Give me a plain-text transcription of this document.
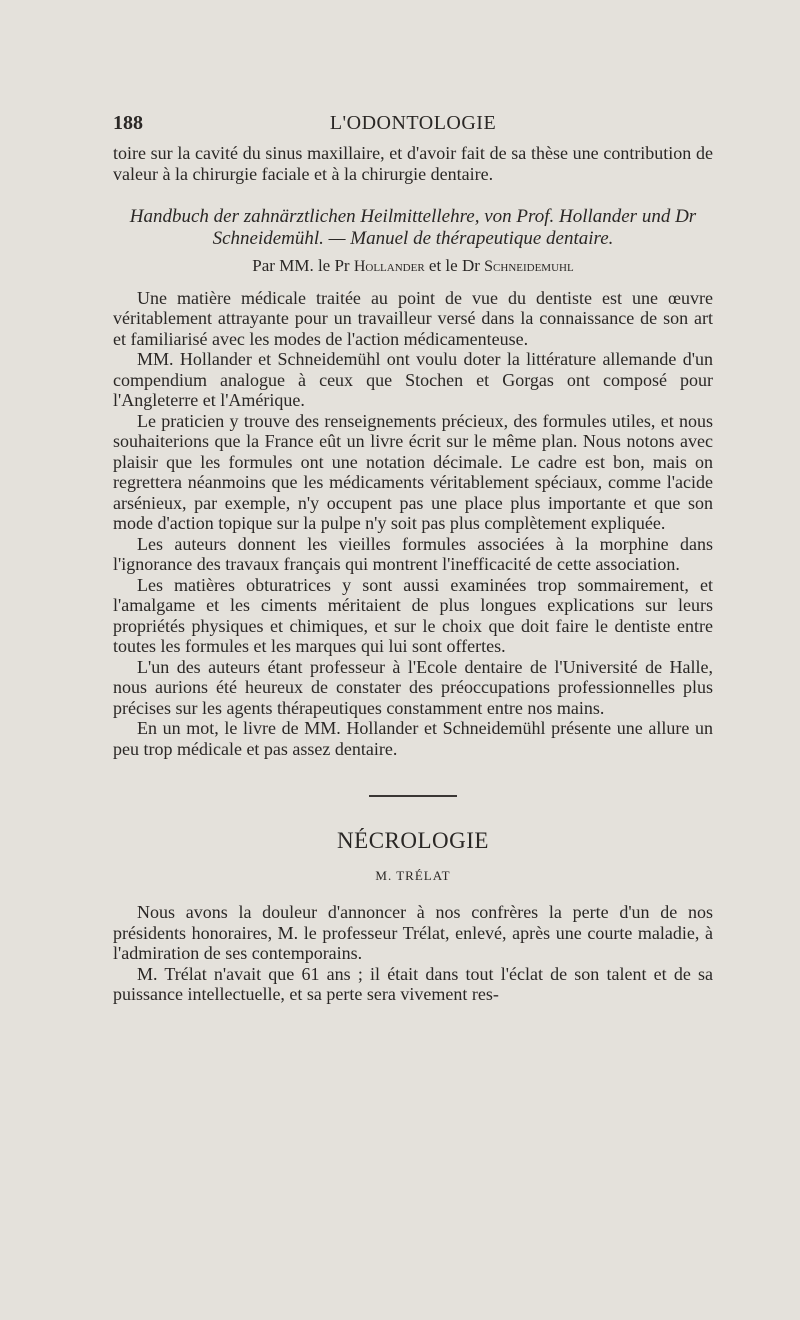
188	L'ODONTOLOGIE

toire sur la cavité du sinus maxillaire, et d'avoir fait de sa thèse une contribution de valeur à la chirurgie faciale et à la chirurgie dentaire.

Handbuch der zahnärztlichen Heilmittellehre, von Prof. Hollander und Dr Schneidemühl. — Manuel de thérapeutique dentaire.

Par MM. le Pr Hollander et le Dr Schneidemuhl

Une matière médicale traitée au point de vue du dentiste est une œuvre véritablement attrayante pour un travailleur versé dans la connaissance de son art et familiarisé avec les modes de l'action médicamenteuse.

MM. Hollander et Schneidemühl ont voulu doter la littérature allemande d'un compendium analogue à ceux que Stochen et Gorgas ont composé pour l'Angleterre et l'Amérique.

Le praticien y trouve des renseignements précieux, des formules utiles, et nous souhaiterions que la France eût un livre écrit sur le même plan. Nous notons avec plaisir que les formules ont une notation décimale. Le cadre est bon, mais on regrettera néanmoins que les médicaments véritablement spéciaux, comme l'acide arsénieux, par exemple, n'y occupent pas une place plus importante et que son mode d'action topique sur la pulpe n'y soit pas plus complètement expliquée.

Les auteurs donnent les vieilles formules associées à la morphine dans l'ignorance des travaux français qui montrent l'inefficacité de cette association.

Les matières obturatrices y sont aussi examinées trop sommairement, et l'amalgame et les ciments méritaient de plus longues explications sur leurs propriétés physiques et chimiques, et sur le choix que doit faire le dentiste entre toutes les formules et les marques qui lui sont offertes.

L'un des auteurs étant professeur à l'Ecole dentaire de l'Université de Halle, nous aurions été heureux de constater des préoccupations professionnelles plus précises sur les agents thérapeutiques constamment entre nos mains.

En un mot, le livre de MM. Hollander et Schneidemühl présente une allure un peu trop médicale et pas assez dentaire.

NÉCROLOGIE

M. TRÉLAT

Nous avons la douleur d'annoncer à nos confrères la perte d'un de nos présidents honoraires, M. le professeur Trélat, enlevé, après une courte maladie, à l'admiration de ses contemporains.

M. Trélat n'avait que 61 ans ; il était dans tout l'éclat de son talent et de sa puissance intellectuelle, et sa perte sera vivement res-
